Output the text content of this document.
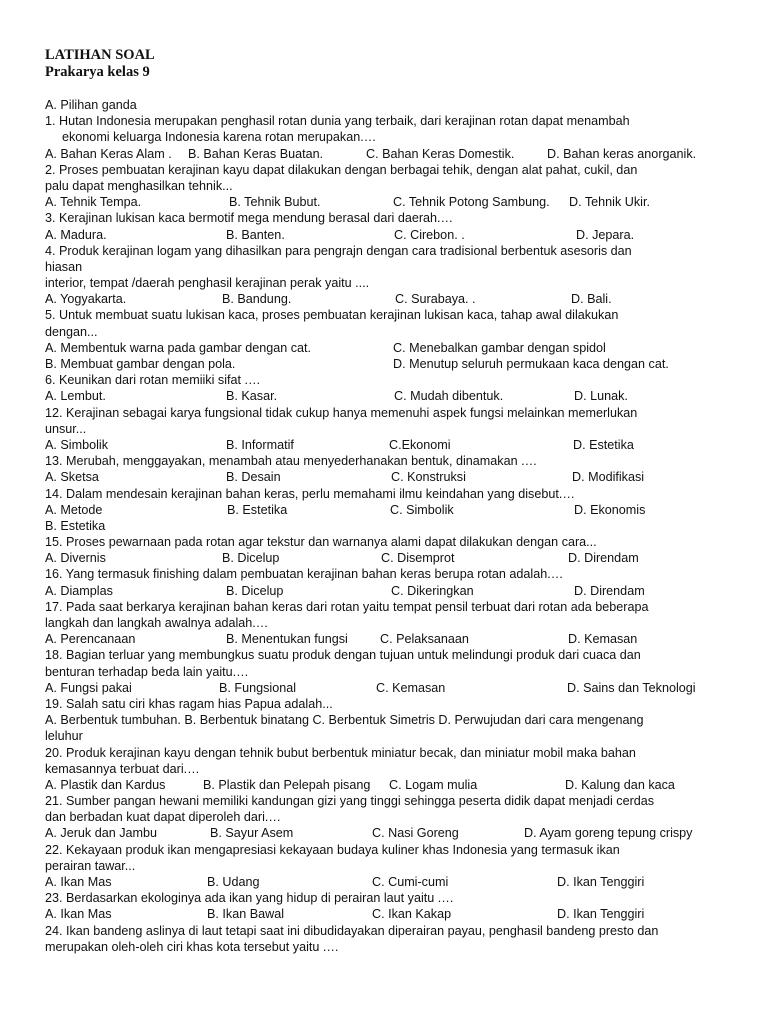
LATIHAN SOAL

Prakarya kelas 9

A. Pilihan ganda
1. Hutan Indonesia merupakan penghasil rotan dunia yang terbaik, dari kerajinan rotan dapat menambah
ekonomi keluarga Indonesia karena rotan merupakan.…
A. Bahan Keras Alam . B. Bahan Keras Buatan.	C. Bahan Keras Domestik.	D. Bahan keras anorganik.
2. Proses pembuatan kerajinan kayu dapat dilakukan dengan berbagai tehik, dengan alat pahat, cukil, dan
palu dapat menghasilkan tehnik...
A. Tehnik Tempa.	B. Tehnik Bubut.	C. Tehnik Potong Sambung. D. Tehnik Ukir.
3. Kerajinan lukisan kaca bermotif mega mendung berasal dari daerah.…
A. Madura.	B. Banten.	C. Cirebon. .	D. Jepara.
4. Produk kerajinan logam yang dihasilkan para pengrajn dengan cara tradisional berbentuk asesoris dan
hiasan
interior, tempat /daerah penghasil kerajinan perak yaitu ....
A. Yogyakarta.	B. Bandung.	C. Surabaya. .	D. Bali.
5. Untuk membuat suatu lukisan kaca, proses pembuatan kerajinan lukisan kaca, tahap awal dilakukan
dengan...
A. Membentuk warna pada gambar dengan cat.	C. Menebalkan gambar dengan spidol
B. Membuat gambar dengan pola.	D. Menutup seluruh permukaan kaca dengan cat.
6. Keunikan dari rotan memiiki sifat .…
A. Lembut.	B. Kasar.	C. Mudah dibentuk.	D. Lunak.
12. Kerajinan sebagai karya fungsional tidak cukup hanya memenuhi aspek fungsi melainkan memerlukan
unsur...
A. Simbolik	B. Informatif	C.Ekonomi	D. Estetika
13. Merubah, menggayakan, menambah atau menyederhanakan bentuk, dinamakan .…
A. Sketsa	B. Desain	C. Konstruksi	D. Modifikasi
14. Dalam mendesain kerajinan bahan keras, perlu memahami ilmu keindahan yang disebut.…
A. Metode	B. Estetika	C. Simbolik	D. Ekonomis
B. Estetika
15. Proses pewarnaan pada rotan agar tekstur dan warnanya alami dapat dilakukan dengan cara...
A. Divernis	B. Dicelup	C. Disemprot	D. Direndam
16. Yang termasuk finishing dalam pembuatan kerajinan bahan keras berupa rotan adalah.…
A. Diamplas	B. Dicelup	C. Dikeringkan	D. Direndam
17. Pada saat berkarya kerajinan bahan keras dari rotan yaitu tempat pensil terbuat dari rotan ada beberapa
langkah dan langkah awalnya adalah.…
A. Perencanaan	B. Menentukan fungsi	C. Pelaksanaan	D. Kemasan
18. Bagian terluar yang membungkus suatu produk dengan tujuan untuk melindungi produk dari cuaca dan
benturan terhadap beda lain yaitu.…
A. Fungsi pakai	B. Fungsional	C. Kemasan	D. Sains dan Teknologi
19. Salah satu ciri khas ragam hias Papua adalah...
A. Berbentuk tumbuhan. B. Berbentuk binatang C. Berbentuk Simetris D. Perwujudan dari cara mengenang
leluhur
20. Produk kerajinan kayu dengan tehnik bubut berbentuk miniatur becak, dan miniatur mobil maka bahan
kemasannya terbuat dari.…
A. Plastik dan Kardus	B. Plastik dan Pelepah pisang C. Logam mulia	D. Kalung dan kaca
21. Sumber pangan hewani memiliki kandungan gizi yang tinggi sehingga peserta didik dapat menjadi cerdas
dan berbadan kuat dapat diperoleh dari.…
A. Jeruk dan Jambu	B. Sayur Asem	C. Nasi Goreng	D. Ayam goreng tepung crispy
22. Kekayaan produk ikan mengapresiasi kekayaan budaya kuliner khas Indonesia yang termasuk ikan
perairan tawar...
A. Ikan Mas	B. Udang	C. Cumi-cumi	D. Ikan Tenggiri
23. Berdasarkan ekologinya ada ikan yang hidup di perairan laut yaitu .…
A. Ikan Mas	B. Ikan Bawal	C. Ikan Kakap	D. Ikan Tenggiri
24. Ikan bandeng aslinya di laut tetapi saat ini dibudidayakan diperairan payau, penghasil bandeng presto dan
merupakan oleh-oleh ciri khas kota tersebut yaitu .…
